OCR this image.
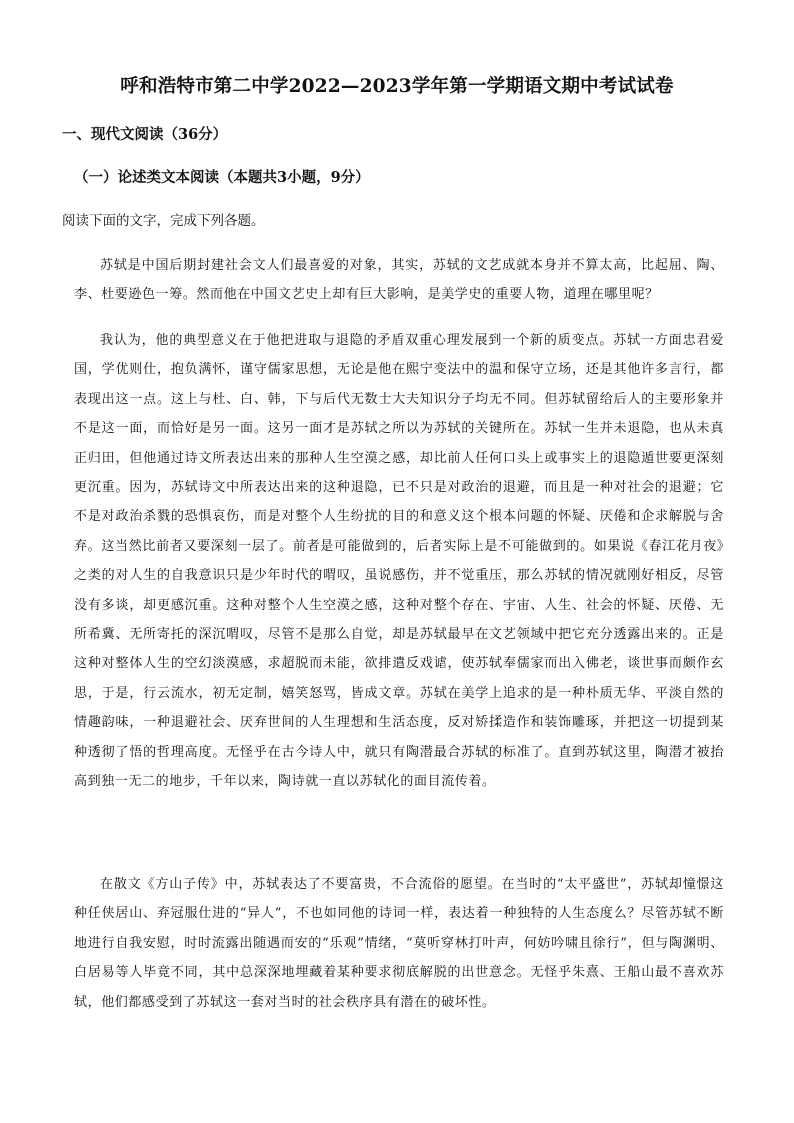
呼和浩特市第二中学2022—2023学年第一学期语文期中考试试卷
一、现代文阅读（36分）
（一）论述类文本阅读（本题共3小题，9分）
阅读下面的文字，完成下列各题。
苏轼是中国后期封建社会文人们最喜爱的对象，其实，苏轼的文艺成就本身并不算太高，比起屈、陶、李、杜要逊色一筹。然而他在中国文艺史上却有巨大影响，是美学史的重要人物，道理在哪里呢？
我认为，他的典型意义在于他把进取与退隐的矛盾双重心理发展到一个新的质变点。苏轼一方面忠君爱国，学优则仕，抱负满怀，谨守儒家思想，无论是他在熙宁变法中的温和保守立场，还是其他许多言行，都表现出这一点。这上与杜、白、韩，下与后代无数士大夫知识分子均无不同。但苏轼留给后人的主要形象并不是这一面，而恰好是另一面。这另一面才是苏轼之所以为苏轼的关键所在。苏轼一生并未退隐，也从未真正归田，但他通过诗文所表达出来的那种人生空漠之感，却比前人任何口头上或事实上的退隐遁世要更深刻更沉重。因为，苏轼诗文中所表达出来的这种退隐，已不只是对政治的退避，而且是一种对社会的退避；它不是对政治杀戮的恐惧哀伤，而是对整个人生纷扰的目的和意义这个根本问题的怀疑、厌倦和企求解脱与舍弃。这当然比前者又要深刻一层了。前者是可能做到的，后者实际上是不可能做到的。如果说《春江花月夜》之类的对人生的自我意识只是少年时代的喟叹，虽说感伤，并不觉重压，那么苏轼的情况就刚好相反，尽管没有多谈，却更感沉重。这种对整个人生空漠之感，这种对整个存在、宇宙、人生、社会的怀疑、厌倦、无所希冀、无所寄托的深沉喟叹，尽管不是那么自觉，却是苏轼最早在文艺领域中把它充分透露出来的。正是这种对整体人生的空幻淡漠感，求超脱而未能，欲排遣反戏谑，使苏轼奉儒家而出入佛老，谈世事而颇作玄思，于是，行云流水，初无定制，嬉笑怒骂，皆成文章。苏轼在美学上追求的是一种朴质无华、平淡自然的情趣韵味，一种退避社会、厌弃世间的人生理想和生活态度，反对矫揉造作和装饰雕琢，并把这一切提到某种透彻了悟的哲理高度。无怪乎在古今诗人中，就只有陶潜最合苏轼的标准了。直到苏轼这里，陶潜才被抬高到独一无二的地步，千年以来，陶诗就一直以苏轼化的面目流传着。
在散文《方山子传》中，苏轼表达了不要富贵，不合流俗的愿望。在当时的“太平盛世”，苏轼却憧憬这种任侠居山、弃冠服仕进的“异人”，不也如同他的诗词一样，表达着一种独特的人生态度么？尽管苏轼不断地进行自我安慰，时时流露出随遇而安的“乐观”情绪，“莫听穿林打叶声，何妨吟啸且徐行”，但与陶渊明、白居易等人毕竟不同，其中总深深地埋藏着某种要求彻底解脱的出世意念。无怪乎朱熹、王船山最不喜欢苏轼，他们都感受到了苏轼这一套对当时的社会秩序具有潜在的破坏性。
